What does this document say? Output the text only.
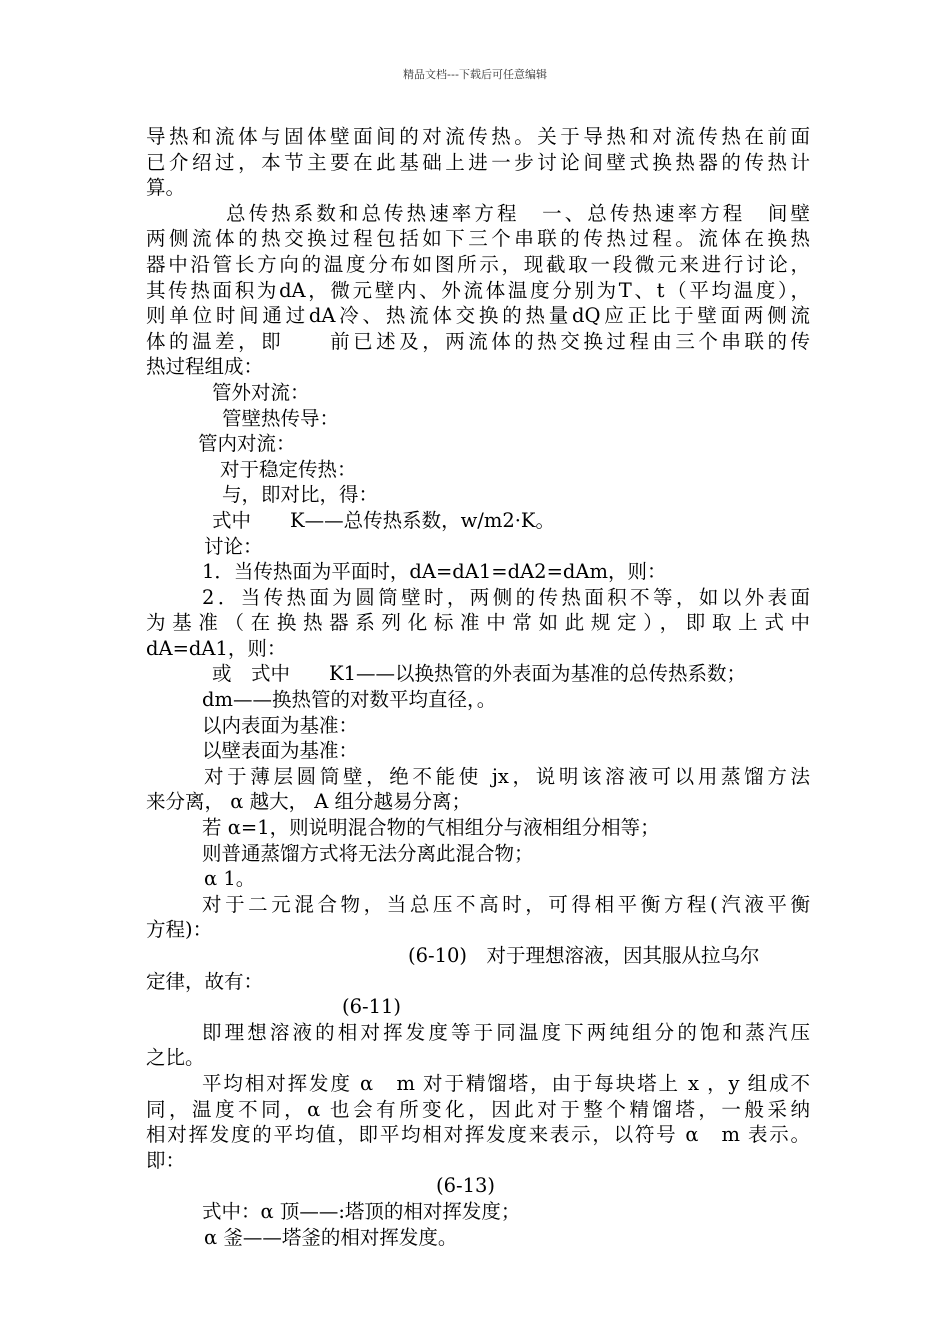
精品文档---下载后可任意编辑
导热和流体与固体壁面间的对流传热。关于导热和对流传热在前面
已介绍过，本节主要在此基础上进一步讨论间壁式换热器的传热计
算。
总传热系数和总传热速率方程　一、总传热速率方程　间壁
两侧流体的热交换过程包括如下三个串联的传热过程。流体在换热
器中沿管长方向的温度分布如图所示，现截取一段微元来进行讨论，
其传热面积为dA，微元壁内、外流体温度分别为T、t（平均温度），
则单位时间通过dA冷、热流体交换的热量dQ应正比于壁面两侧流
体的温差，即　　前已述及，两流体的热交换过程由三个串联的传
热过程组成：
管外对流：
管壁热传导：
管内对流：
对于稳定传热：
与，即对比，得：
式中　　K——总传热系数，w/m2·K。
讨论：
1．当传热面为平面时，dA=dA1=dA2=dAm，则：
2．当传热面为圆筒壁时，两侧的传热面积不等，如以外表面
为基准（在换热器系列化标准中常如此规定），即取上式中
dA=dA1，则：
或　式中　　K1——以换热管的外表面为基准的总传热系数；
dm——换热管的对数平均直径，。
以内表面为基准：
以壁表面为基准：
对于薄层圆筒壁，绝不能使 jx，说明该溶液可以用蒸馏方法
来分离， α 越大， A 组分越易分离；
若 α=1，则说明混合物的气相组分与液相组分相等；
则普通蒸馏方式将无法分离此混合物；
α 1。
对于二元混合物，当总压不高时，可得相平衡方程(汽液平衡
方程)：
(6-10)　对于理想溶液，因其服从拉乌尔
定律，故有：
(6-11)
即理想溶液的相对挥发度等于同温度下两纯组分的饱和蒸汽压
之比。
平均相对挥发度 α　m 对于精馏塔，由于每块塔上 x ，y 组成不
同，温度不同，α 也会有所变化，因此对于整个精馏塔，一般采纳
相对挥发度的平均值，即平均相对挥发度来表示，以符号 α　m 表示。
即：
(6-13)
式中：α 顶——:塔顶的相对挥发度；
α 釜——塔釜的相对挥发度。
